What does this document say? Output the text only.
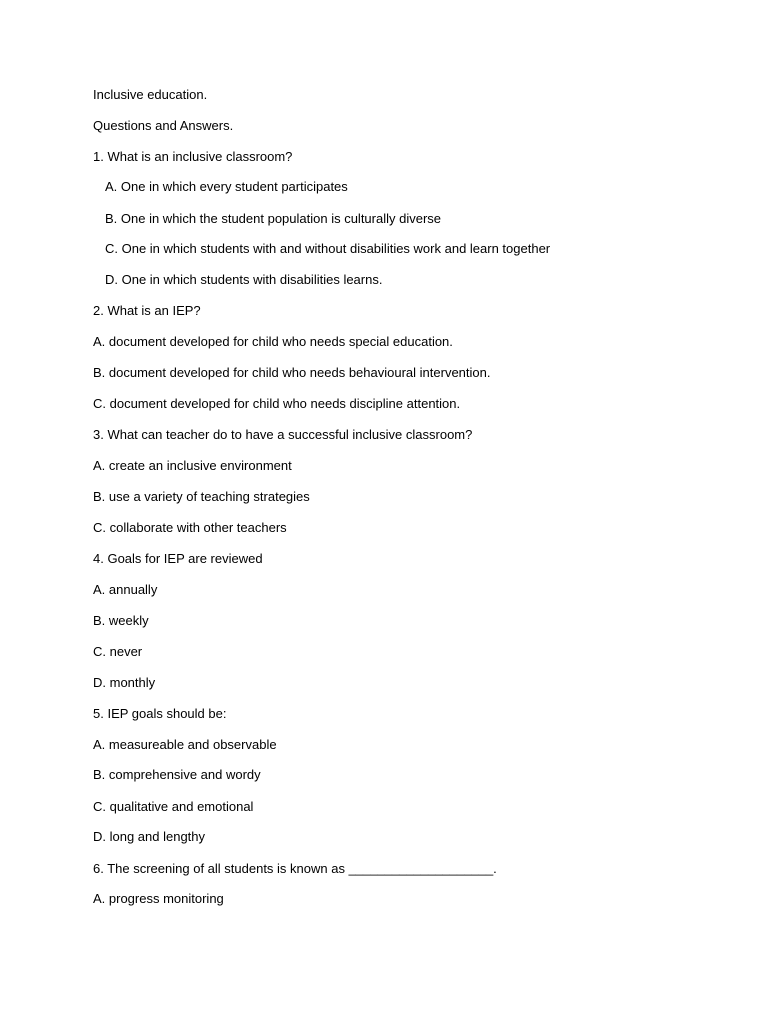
Inclusive education.
Questions and Answers.
1. What is an inclusive classroom?
A. One in which every student participates
B. One in which the student population is culturally diverse
C. One in which students with and without disabilities work and learn together
D. One in which students with disabilities learns.
2. What is an IEP?
A. document developed for child who needs special education.
B. document developed for child who needs behavioural intervention.
C. document developed for child who needs discipline attention.
3. What can teacher do to have a successful inclusive classroom?
A. create an inclusive environment
B. use a variety of teaching strategies
C. collaborate with other teachers
4. Goals for IEP are reviewed
A. annually
B. weekly
C. never
D. monthly
5. IEP goals should be:
A. measureable and observable
B. comprehensive and wordy
C. qualitative and emotional
D. long and lengthy
6. The screening of all students is known as ____________________.
A. progress monitoring
